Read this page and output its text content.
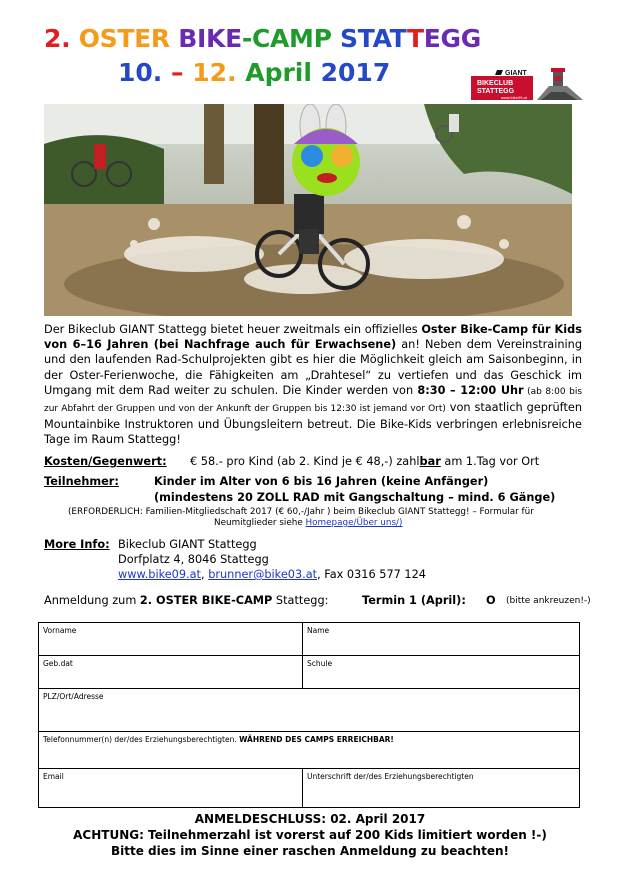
2. OSTER BIKE-CAMP STATTEGG
10. – 12. April 2017	GIANT
BIKECLUB
STATTEGG
www.bike09.at
Der Bikeclub GIANT Stattegg bietet heuer zweitmals ein offizielles Oster Bike-Camp für Kids von 6–16 Jahren (bei Nachfrage auch für Erwachsene) an! Neben dem Vereinstraining und den laufenden Rad-Schulprojekten gibt es hier die Möglichkeit gleich am Saisonbeginn, in der Oster-Ferienwoche, die Fähigkeiten am „Drahtesel“ zu vertiefen und das Geschick im Umgang mit dem Rad weiter zu schulen. Die Kinder werden von 8:30 – 12:00 Uhr (ab 8:00 bis zur Abfahrt der Gruppen und von der Ankunft der Gruppen bis 12:30 ist jemand vor Ort) von staatlich geprüften Mountainbike Instruktoren und Übungsleitern betreut. Die Bike-Kids verbringen erlebnisreiche Tage im Raum Stattegg!
Kosten/Gegenwert: € 58.- pro Kind (ab 2. Kind je € 48,-) zahlbar am 1.Tag vor Ort
Teilnehmer:	Kinder im Alter von 6 bis 16 Jahren (keine Anfänger)
(mindestens 20 ZOLL RAD mit Gangschaltung – mind. 6 Gänge)
(ERFORDERLICH: Familien-Mitgliedschaft 2017 (€ 60,-/Jahr ) beim Bikeclub GIANT Stattegg! – Formular für
Neumitglieder siehe Homepage/Über uns/)
More Info: Bikeclub GIANT Stattegg
Dorfplatz 4, 8046 Stattegg
www.bike09.at, brunner@bike03.at, Fax 0316 577 124
Anmeldung zum 2. OSTER BIKE-CAMP Stattegg:	Termin 1 (April): O (bitte ankreuzen!-)
Vorname	Name
Geb.dat	Schule
PLZ/Ort/Adresse	
Telefonnummer(n) der/des Erziehungsberechtigten. WÄHREND DES CAMPS ERREICHBAR!	
Email	Unterschrift der/des Erziehungsberechtigten
ANMELDESCHLUSS: 02. April 2017
ACHTUNG: Teilnehmerzahl ist vorerst auf 200 Kids limitiert worden !-)
Bitte dies im Sinne einer raschen Anmeldung zu beachten!
